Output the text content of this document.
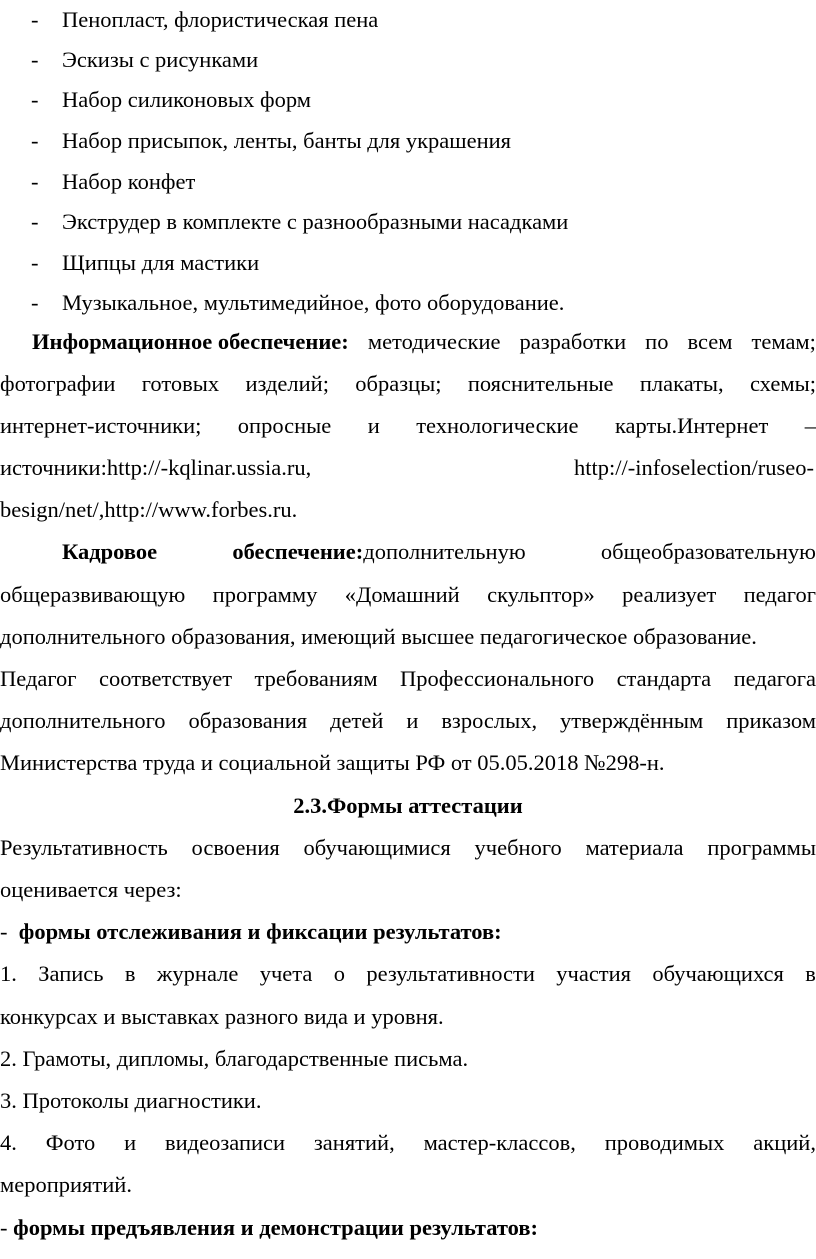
- Пенопласт, флористическая пена
- Эскизы с рисунками
- Набор силиконовых форм
- Набор присыпок, ленты, банты для украшения
- Набор конфет
- Экструдер в комплекте с разнообразными насадками
- Щипцы для мастики
- Музыкальное, мультимедийное, фото оборудование.
Информационное обеспечение: методические разработки по всем темам;
фотографии готовых изделий; образцы; пояснительные плакаты, схемы;
интернет-источники; опросные и технологические карты.Интернет –
источники:http://-kqlinar.ussia.ru,	http://-infoselection/ruseo-
besign/net/,http://www.forbes.ru.
Кадровое	обеспечение:дополнительную	общеобразовательную
общеразвивающую программу «Домашний скульптор» реализует педагог
дополнительного образования, имеющий высшее педагогическое образование.
Педагог соответствует требованиям Профессионального стандарта педагога
дополнительного образования детей и взрослых, утверждённым приказом
Министерства труда и социальной защиты РФ от 05.05.2018 №298-н.
2.3.Формы аттестации
Результативность освоения обучающимися учебного материала программы
оценивается через:
- формы отслеживания и фиксации результатов:
1. Запись в журнале учета о результативности участия обучающихся в
конкурсах и выставках разного вида и уровня.
2. Грамоты, дипломы, благодарственные письма.
3. Протоколы диагностики.
4. Фото и видеозаписи занятий, мастер-классов, проводимых акций,
мероприятий.
- формы предъявления и демонстрации результатов:
